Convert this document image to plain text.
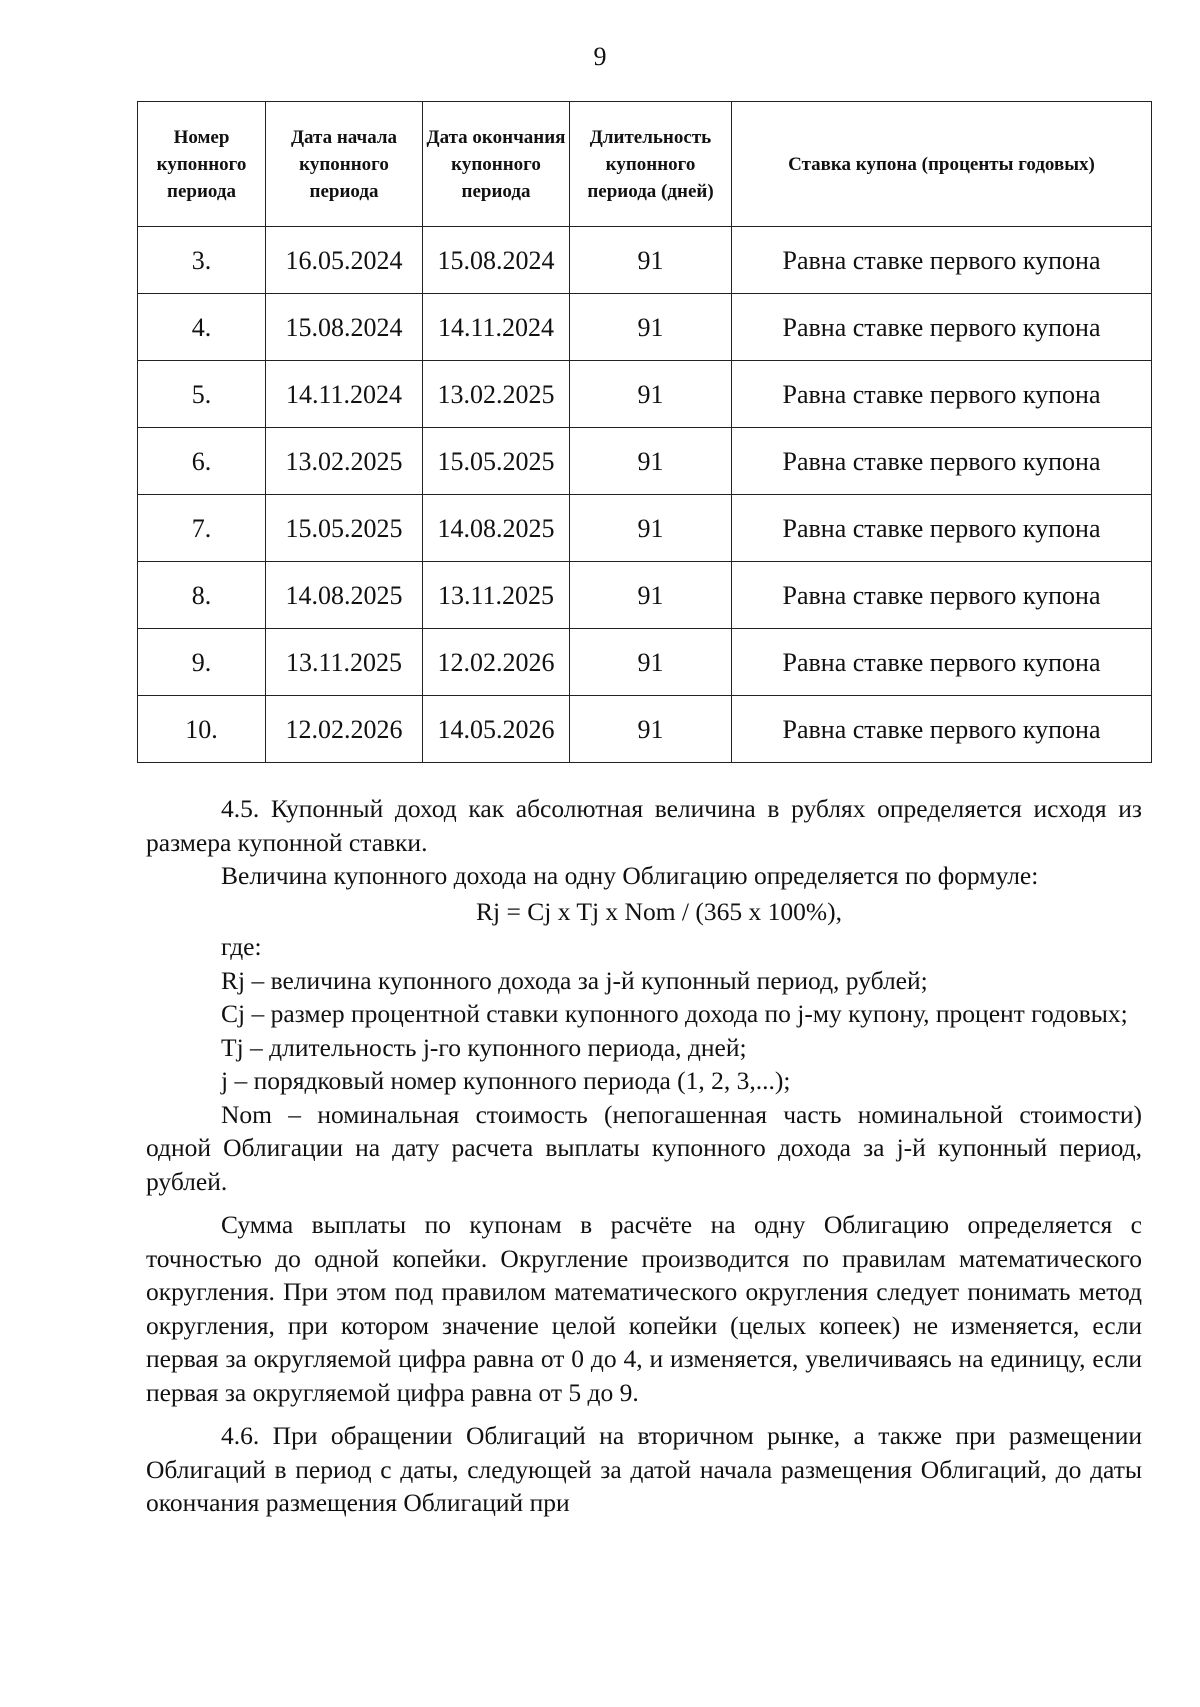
9
Номер купонного периода	Дата начала купонного периода	Дата окончания купонного периода	Длительность купонного периода (дней)	Ставка купона (проценты годовых)
3.	16.05.2024	15.08.2024	91	Равна ставке первого купона
4.	15.08.2024	14.11.2024	91	Равна ставке первого купона
5.	14.11.2024	13.02.2025	91	Равна ставке первого купона
6.	13.02.2025	15.05.2025	91	Равна ставке первого купона
7.	15.05.2025	14.08.2025	91	Равна ставке первого купона
8.	14.08.2025	13.11.2025	91	Равна ставке первого купона
9.	13.11.2025	12.02.2026	91	Равна ставке первого купона
10.	12.02.2026	14.05.2026	91	Равна ставке первого купона

4.5. Купонный доход как абсолютная величина в рублях определяется исходя из размера купонной ставки.

Величина купонного дохода на одну Облигацию определяется по формуле:

Rj = Cj x Tj x Nom / (365 x 100%),

где:

Rj – величина купонного дохода за j-й купонный период, рублей;

Cj – размер процентной ставки купонного дохода по j-му купону, процент годовых;

Tj – длительность j-го купонного периода, дней;

j – порядковый номер купонного периода (1, 2, 3,...);

Nom – номинальная стоимость (непогашенная часть номинальной стоимости) одной Облигации на дату расчета выплаты купонного дохода за j-й купонный период, рублей.

Сумма выплаты по купонам в расчёте на одну Облигацию определяется с точностью до одной копейки. Округление производится по правилам математического округления. При этом под правилом математического округления следует понимать метод округления, при котором значение целой копейки (целых копеек) не изменяется, если первая за округляемой цифра равна от 0 до 4, и изменяется, увеличиваясь на единицу, если первая за округляемой цифра равна от 5 до 9.

4.6. При обращении Облигаций на вторичном рынке, а также при размещении Облигаций в период с даты, следующей за датой начала размещения Облигаций, до даты окончания размещения Облигаций при
